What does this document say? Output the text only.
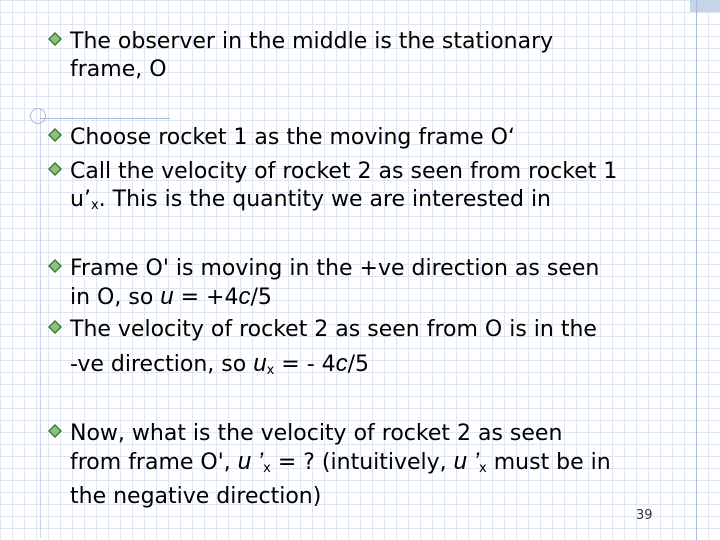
The observer in the middle is the stationary
frame, O
Choose rocket 1 as the moving frame O‘
Call the velocity of rocket 2 as seen from rocket 1
$u’_x$. This is the quantity we are interested in
Frame O' is moving in the +ve direction as seen
in O, so u = +4c/5
The velocity of rocket 2 as seen from O is in the
-ve direction, so $u_x$ = - 4c/5
Now, what is the velocity of rocket 2 as seen
from frame O', u $’_x$ = ? (intuitively, u $’_x$ must be in
the negative direction)
39
